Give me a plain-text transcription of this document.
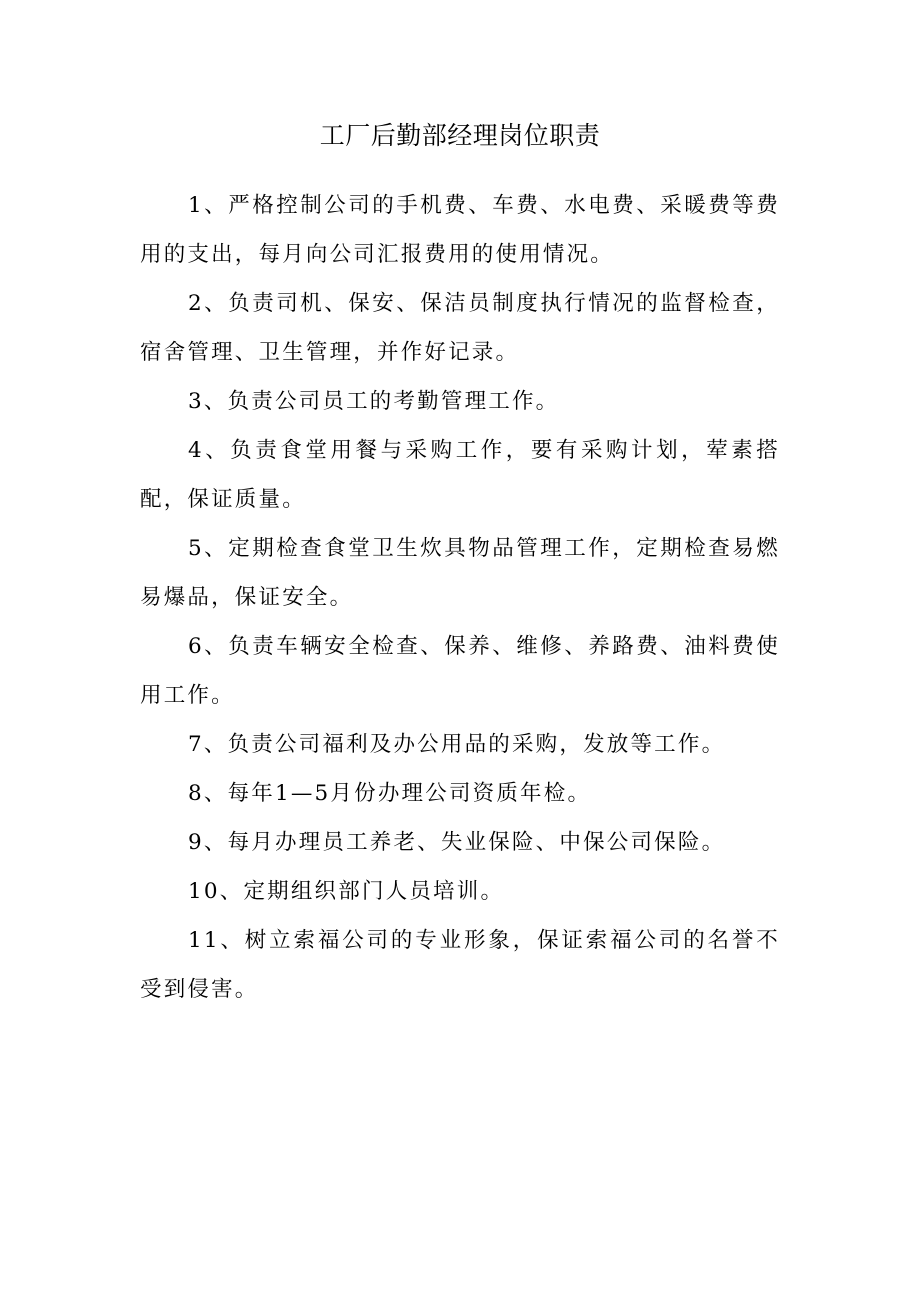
工厂后勤部经理岗位职责
1、严格控制公司的手机费、车费、水电费、采暖费等费用的支出，每月向公司汇报费用的使用情况。
2、负责司机、保安、保洁员制度执行情况的监督检查，宿舍管理、卫生管理，并作好记录。
3、负责公司员工的考勤管理工作。
4、负责食堂用餐与采购工作，要有采购计划，荤素搭配，保证质量。
5、定期检查食堂卫生炊具物品管理工作，定期检查易燃易爆品，保证安全。
6、负责车辆安全检查、保养、维修、养路费、油料费使用工作。
7、负责公司福利及办公用品的采购，发放等工作。
8、每年1—5月份办理公司资质年检。
9、每月办理员工养老、失业保险、中保公司保险。
10、定期组织部门人员培训。
11、树立索福公司的专业形象，保证索福公司的名誉不受到侵害。
